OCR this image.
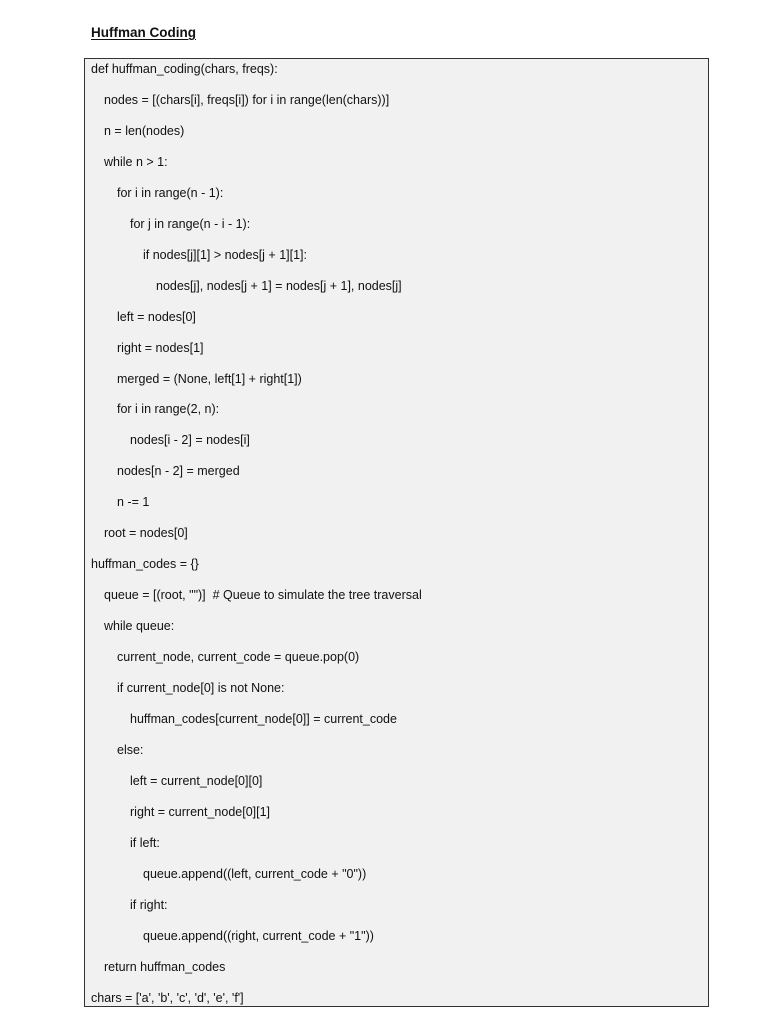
Huffman Coding
def huffman_coding(chars, freqs):
nodes = [(chars[i], freqs[i]) for i in range(len(chars))]
n = len(nodes)
while n > 1:
for i in range(n - 1):
for j in range(n - i - 1):
if nodes[j][1] > nodes[j + 1][1]:
nodes[j], nodes[j + 1] = nodes[j + 1], nodes[j]
left = nodes[0]
right = nodes[1]
merged = (None, left[1] + right[1])
for i in range(2, n):
nodes[i - 2] = nodes[i]
nodes[n - 2] = merged
n -= 1
root = nodes[0]
huffman_codes = {}
queue = [(root, "")]  # Queue to simulate the tree traversal
while queue:
current_node, current_code = queue.pop(0)
if current_node[0] is not None:
huffman_codes[current_node[0]] = current_code
else:
left = current_node[0][0]
right = current_node[0][1]
if left:
queue.append((left, current_code + "0"))
if right:
queue.append((right, current_code + "1"))
return huffman_codes
chars = ['a', 'b', 'c', 'd', 'e', 'f']
